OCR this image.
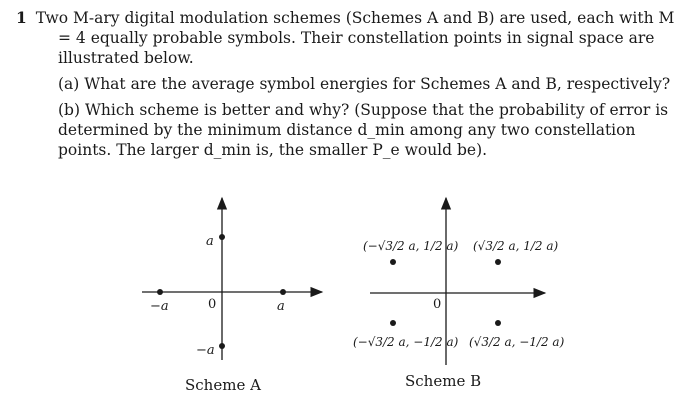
1 Two M-ary digital modulation schemes (Schemes A and B) are used, each with M = 4 equally probable symbols. Their constellation points in signal space are illustrated below.

(a) What are the average symbol energies for Schemes A and B, respectively?

(b) Which scheme is better and why? (Suppose that the probability of error is determined by the minimum distance d_min among any two constellation points. The larger d_min is, the smaller P_e would be).

a
−a	a
−a
0
Scheme A
(−√3/2 a, 1/2 a) (√3/2 a, 1/2 a)
(−√3/2 a, −1/2 a) (√3/2 a, −1/2 a)
0
Scheme B
